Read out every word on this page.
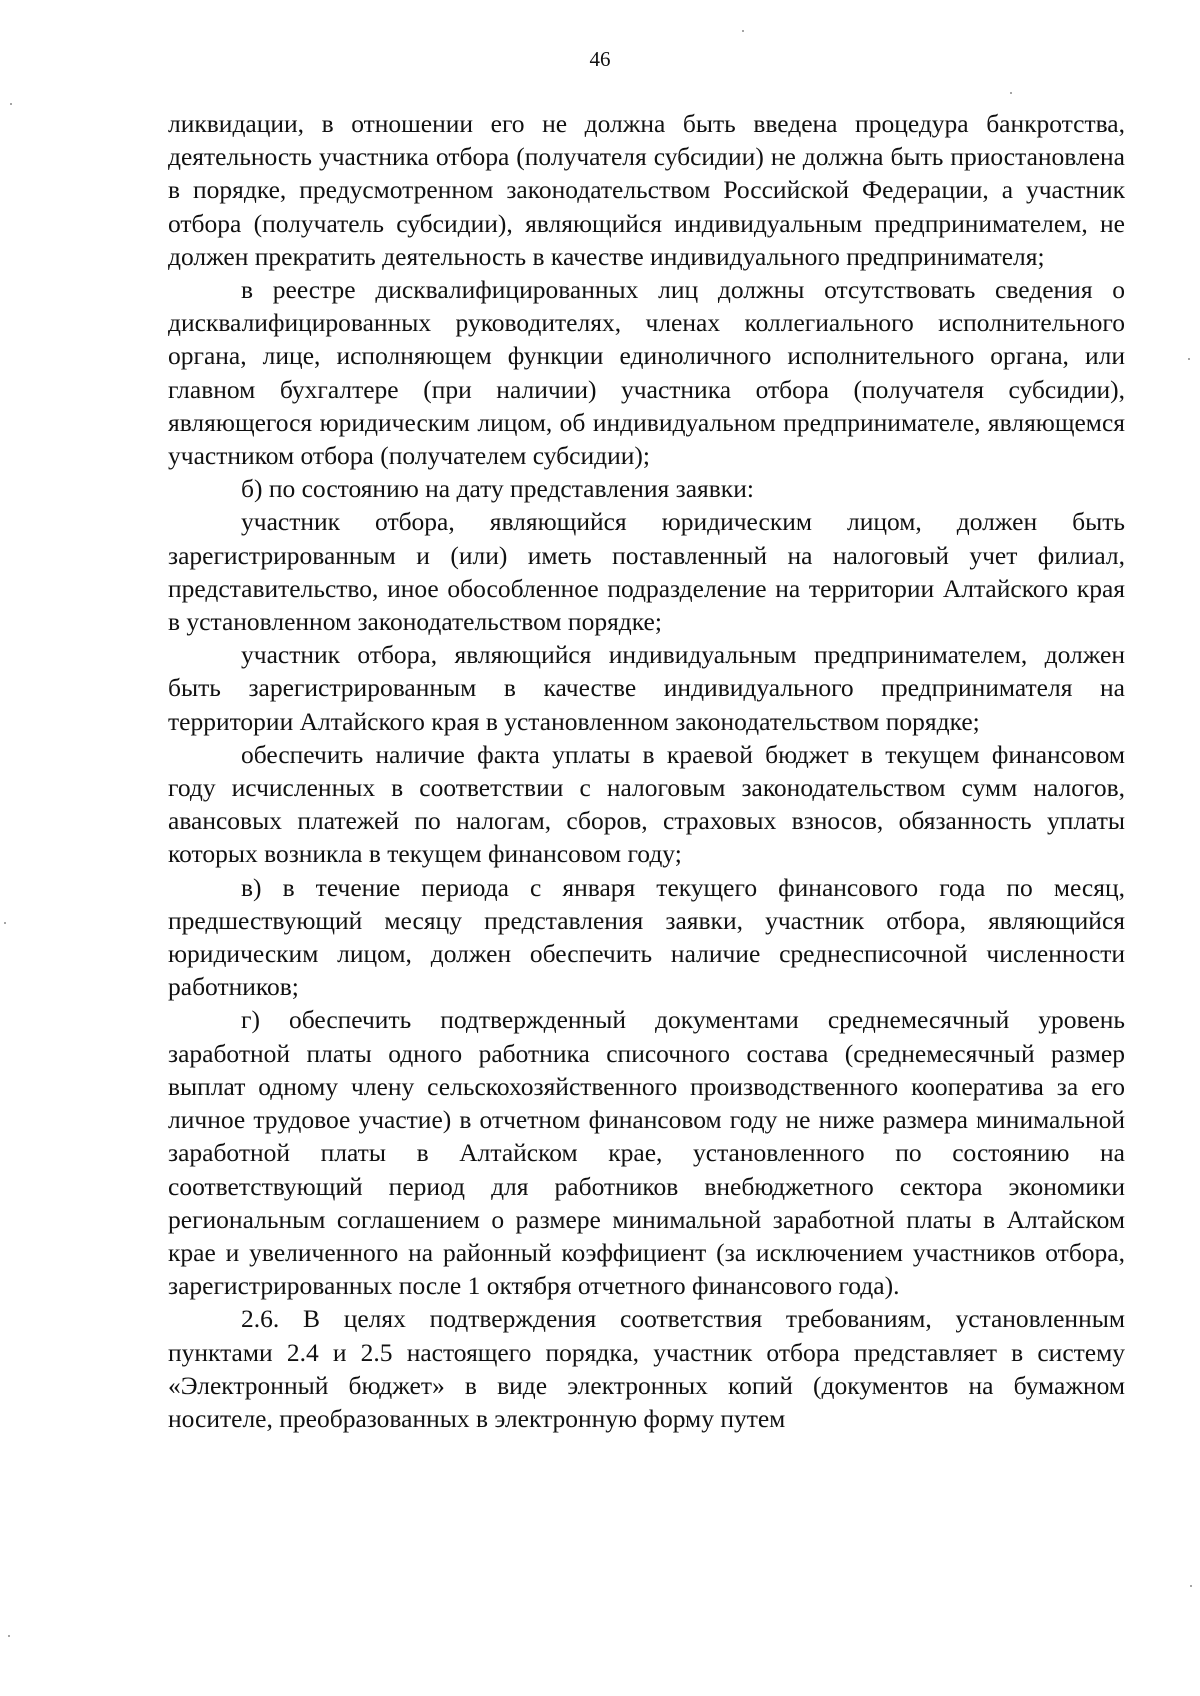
46

ликвидации, в отношении его не должна быть введена процедура банкротства, деятельность участника отбора (получателя субсидии) не должна быть приостановлена в порядке, предусмотренном законодательством Российской Федерации, а участник отбора (получатель субсидии), являющийся индивидуальным предпринимателем, не должен прекратить деятельность в качестве индивидуального предпринимателя;

в реестре дисквалифицированных лиц должны отсутствовать сведения о дисквалифицированных руководителях, членах коллегиального исполнительного органа, лице, исполняющем функции единоличного исполнительного органа, или главном бухгалтере (при наличии) участника отбора (получателя субсидии), являющегося юридическим лицом, об индивидуальном предпринимателе, являющемся участником отбора (получателем субсидии);

б) по состоянию на дату представления заявки:

участник отбора, являющийся юридическим лицом, должен быть зарегистрированным и (или) иметь поставленный на налоговый учет филиал, представительство, иное обособленное подразделение на территории Алтайского края в установленном законодательством порядке;

участник отбора, являющийся индивидуальным предпринимателем, должен быть зарегистрированным в качестве индивидуального предпринимателя на территории Алтайского края в установленном законодательством порядке;

обеспечить наличие факта уплаты в краевой бюджет в текущем финансовом году исчисленных в соответствии с налоговым законодательством сумм налогов, авансовых платежей по налогам, сборов, страховых взносов, обязанность уплаты которых возникла в текущем финансовом году;

в) в течение периода с января текущего финансового года по месяц, предшествующий месяцу представления заявки, участник отбора, являющийся юридическим лицом, должен обеспечить наличие среднесписочной численности работников;

г) обеспечить подтвержденный документами среднемесячный уровень заработной платы одного работника списочного состава (среднемесячный размер выплат одному члену сельскохозяйственного производственного кооператива за его личное трудовое участие) в отчетном финансовом году не ниже размера минимальной заработной платы в Алтайском крае, установленного по состоянию на соответствующий период для работников внебюджетного сектора экономики региональным соглашением о размере минимальной заработной платы в Алтайском крае и увеличенного на районный коэффициент (за исключением участников отбора, зарегистрированных после 1 октября отчетного финансового года).

2.6. В целях подтверждения соответствия требованиям, установленным пунктами 2.4 и 2.5 настоящего порядка, участник отбора представляет в систему «Электронный бюджет» в виде электронных копий (документов на бумажном носителе, преобразованных в электронную форму путем
